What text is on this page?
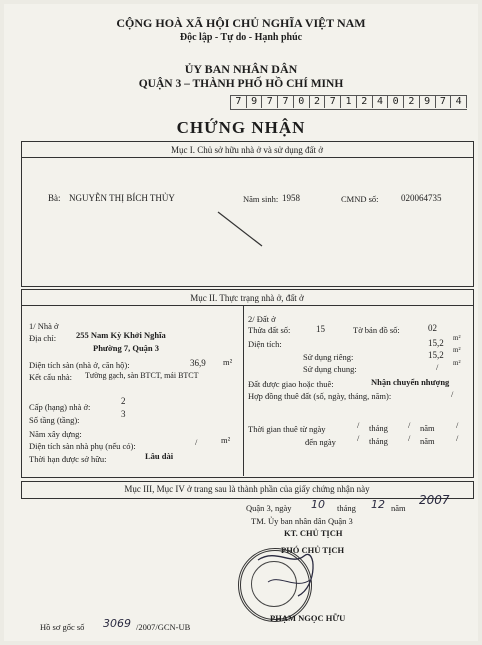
CỘNG HOÀ XÃ HỘI CHỦ NGHĨA VIỆT NAM
Độc lập - Tự do - Hạnh phúc
ỦY BAN NHÂN DÂN
QUẬN 3 – THÀNH PHỐ HỒ CHÍ MINH
7 9 7 7 0 2 7 1 2 4 0 2 9 7 4
CHỨNG NHẬN
Mục I. Chủ sở hữu nhà ở và sử dụng đất ở
Bà: NGUYỄN THỊ BÍCH THỦY	Năm sinh: 1958	CMND số: 020064735
Mục II. Thực trạng nhà ở, đất ở
1/ Nhà ở
Địa chỉ: 255 Nam Kỳ Khởi Nghĩa
Phường 7, Quận 3
Diện tích sàn (nhà ở, căn hộ):	36,9 m²
Kết cấu nhà: Tường gạch, sàn BTCT, mái BTCT
Cấp (hạng) nhà ở:
2
Số tầng (tầng):
3
Năm xây dựng:
Diện tích sàn nhà phụ (nếu có):	/	m²
Thời hạn được sở hữu:	Lâu dài
2/ Đất ở
Thửa đất số:	15	Tờ bản đồ số:	02
Diện tích:	15,2 m²
Sử dụng riêng:	15,2 m²
Sử dụng chung:	/ m²
Đất được giao hoặc thuê:	Nhận chuyển nhượng
Hợp đồng thuê đất (số, ngày, tháng, năm):	/
Thời gian thuê từ ngày	/ tháng / năm	/
đến ngày / tháng / năm	/
Mục III, Mục IV ở trang sau là thành phần của giấy chứng nhận này
Quận 3, ngày 10 tháng 12 năm
2007
TM. Ủy ban nhân dân Quận 3
KT. CHỦ TỊCH
PHÓ CHỦ TỊCH
PHẠM NGỌC HỮU
Hồ sơ gốc số 3069 /2007/GCN-UB
